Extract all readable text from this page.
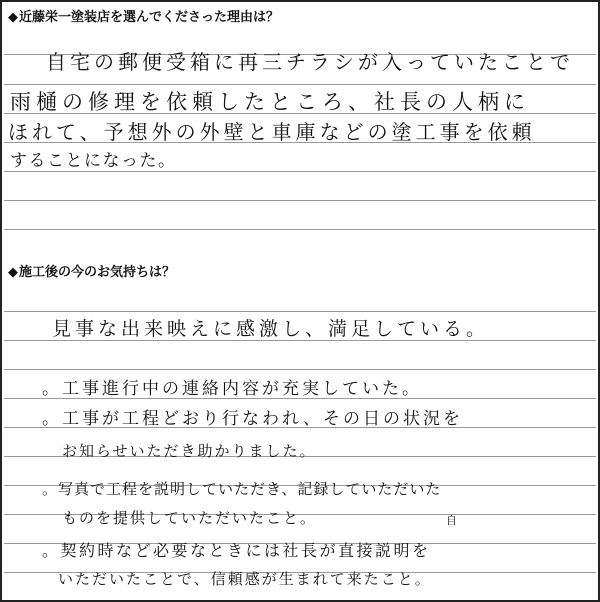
◆近藤栄一塗装店を選んでくださった理由は？
自宅の郵便受箱に再三チラシが入っていたことで
雨樋の修理を依頼したところ、社長の人柄に
ほれて、予想外の外壁と車庫などの塗工事を依頼
することになった。
◆施工後の今のお気持ちは？
見事な出来映えに感激し、満足している。
。工事進行中の連絡内容が充実していた。
。工事が工程どおり行なわれ、その日の状況を
お知らせいただき助かりました。
。写真で工程を説明していただき、記録していただいた
ものを提供していただいたこと。	自
。契約時など必要なときには社長が直接説明を
いただいたことで、信頼感が生まれて来たこと。
